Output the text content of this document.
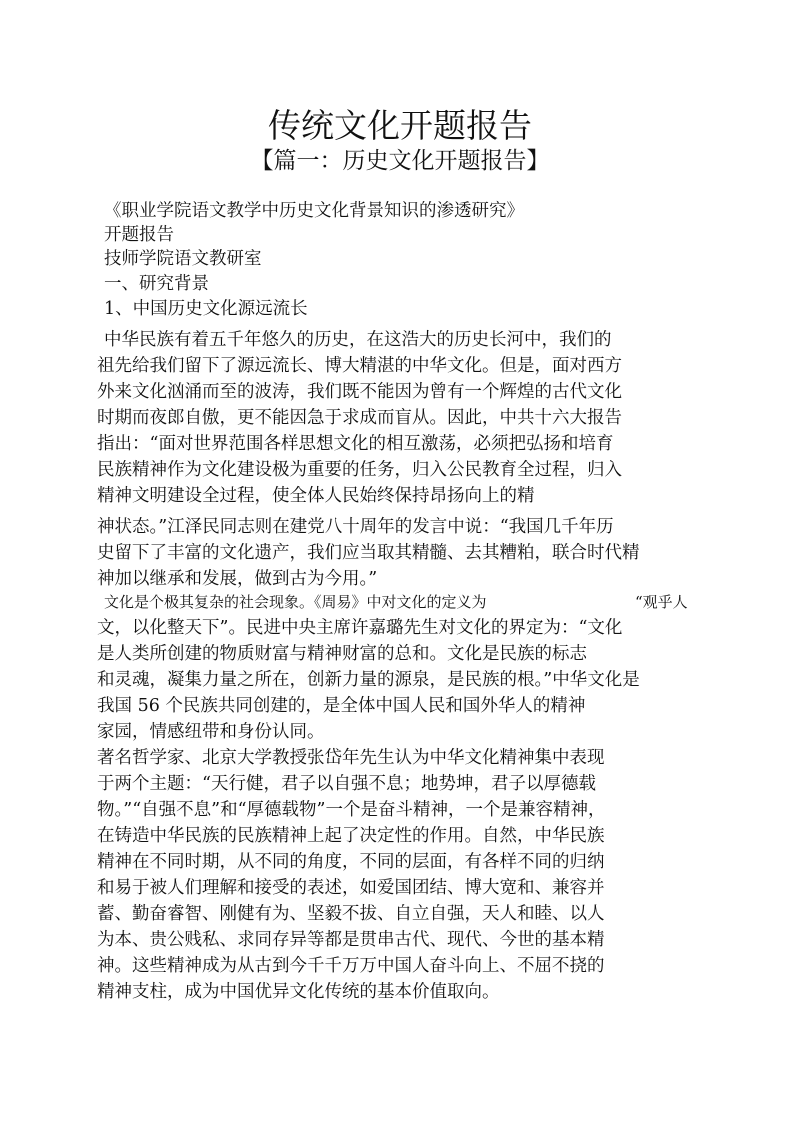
传统文化开题报告
【篇一：历史文化开题报告】
《职业学院语文教学中历史文化背景知识的渗透研究》
开题报告
技师学院语文教研室
一、研究背景
1、中国历史文化源远流长
中华民族有着五千年悠久的历史，在这浩大的历史长河中，我们的
祖先给我们留下了源远流长、博大精湛的中华文化。但是，面对西方
外来文化汹涌而至的波涛，我们既不能因为曾有一个辉煌的古代文化
时期而夜郎自傲，更不能因急于求成而盲从。因此，中共十六大报告
指出：“面对世界范围各样思想文化的相互激荡，必须把弘扬和培育
民族精神作为文化建设极为重要的任务，归入公民教育全过程，归入
精神文明建设全过程，使全体人民始终保持昂扬向上的精
神状态。”江泽民同志则在建党八十周年的发言中说：“我国几千年历
史留下了丰富的文化遗产，我们应当取其精髓、去其糟粕，联合时代精
神加以继承和发展，做到古为今用。”
文化是个极其复杂的社会现象。《周易》中对文化的定义为	“观乎人
文，以化整天下”。民进中央主席许嘉璐先生对文化的界定为：“文化
是人类所创建的物质财富与精神财富的总和。文化是民族的标志
和灵魂，凝集力量之所在，创新力量的源泉，是民族的根。”中华文化是
我国 56 个民族共同创建的，是全体中国人民和国外华人的精神
家园，情感纽带和身份认同。
著名哲学家、北京大学教授张岱年先生认为中华文化精神集中表现
于两个主题：“天行健，君子以自强不息；地势坤，君子以厚德载
物。”“自强不息”和“厚德载物”一个是奋斗精神，一个是兼容精神，
在铸造中华民族的民族精神上起了决定性的作用。自然，中华民族
精神在不同时期，从不同的角度，不同的层面，有各样不同的归纳
和易于被人们理解和接受的表述，如爱国团结、博大宽和、兼容并
蓄、勤奋睿智、刚健有为、坚毅不拔、自立自强，天人和睦、以人
为本、贵公贱私、求同存异等都是贯串古代、现代、今世的基本精
神。这些精神成为从古到今千千万万中国人奋斗向上、不屈不挠的
精神支柱，成为中国优异文化传统的基本价值取向。
